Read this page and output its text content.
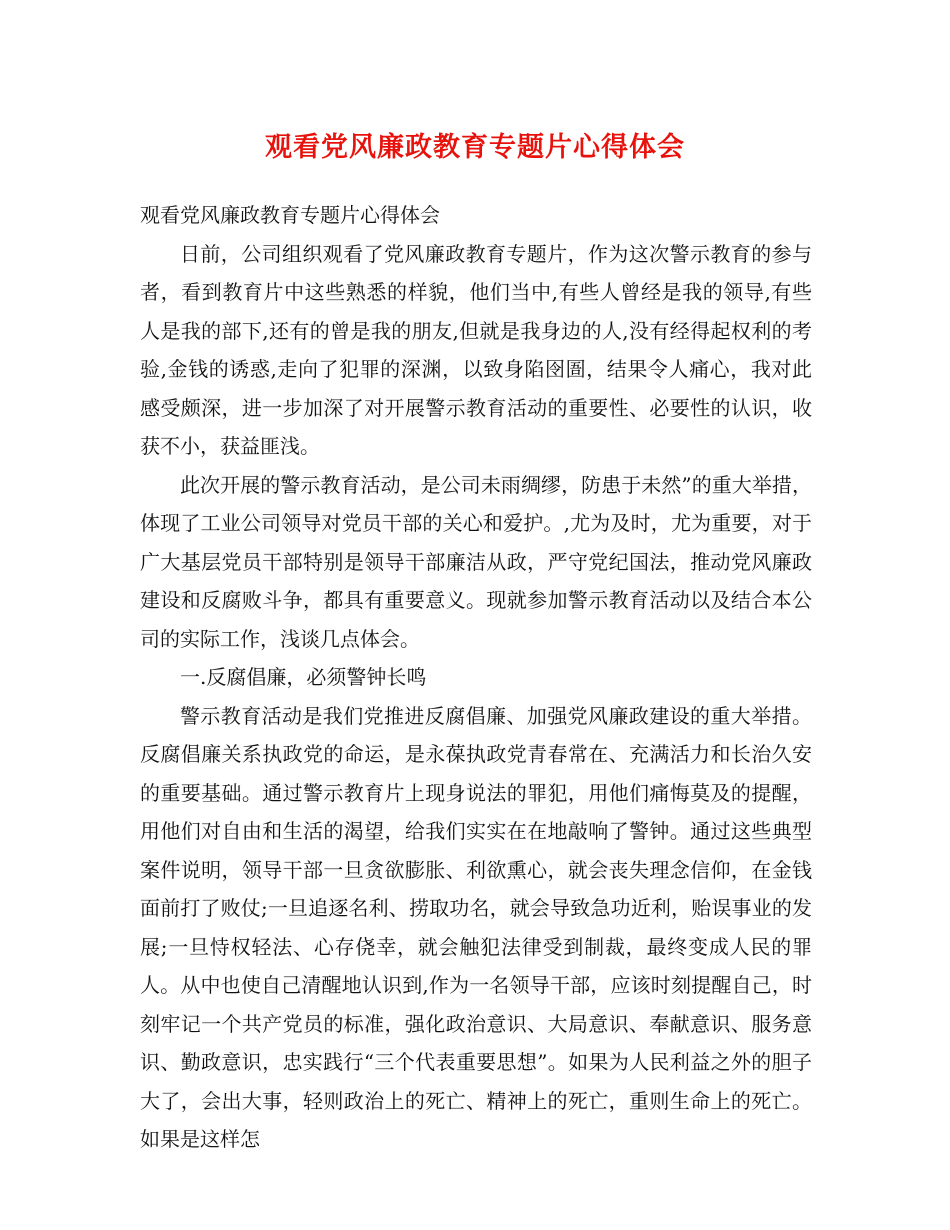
观看党风廉政教育专题片心得体会

观看党风廉政教育专题片心得体会

日前，公司组织观看了党风廉政教育专题片，作为这次警示教育的参与者，看到教育片中这些熟悉的样貌，他们当中,有些人曾经是我的领导,有些人是我的部下,还有的曾是我的朋友,但就是我身边的人,没有经得起权利的考验,金钱的诱惑,走向了犯罪的深渊，以致身陷囹圄，结果令人痛心，我对此感受颇深，进一步加深了对开展警示教育活动的重要性、必要性的认识，收获不小，获益匪浅。

此次开展的警示教育活动，是公司未雨绸缪，防患于未然”的重大举措，体现了工业公司领导对党员干部的关心和爱护。,尤为及时，尤为重要，对于广大基层党员干部特别是领导干部廉洁从政，严守党纪国法，推动党风廉政建设和反腐败斗争，都具有重要意义。现就参加警示教育活动以及结合本公司的实际工作，浅谈几点体会。

一.反腐倡廉，必须警钟长鸣

警示教育活动是我们党推进反腐倡廉、加强党风廉政建设的重大举措。反腐倡廉关系执政党的命运，是永葆执政党青春常在、充满活力和长治久安的重要基础。通过警示教育片上现身说法的罪犯，用他们痛悔莫及的提醒，用他们对自由和生活的渴望，给我们实实在在地敲响了警钟。通过这些典型案件说明，领导干部一旦贪欲膨胀、利欲熏心，就会丧失理念信仰，在金钱面前打了败仗;一旦追逐名利、捞取功名，就会导致急功近利，贻误事业的发展;一旦恃权轻法、心存侥幸，就会触犯法律受到制裁，最终变成人民的罪人。从中也使自己清醒地认识到,作为一名领导干部，应该时刻提醒自己，时刻牢记一个共产党员的标准，强化政治意识、大局意识、奉献意识、服务意识、勤政意识，忠实践行“三个代表重要思想”。如果为人民利益之外的胆子大了，会出大事，轻则政治上的死亡、精神上的死亡，重则生命上的死亡。如果是这样怎
